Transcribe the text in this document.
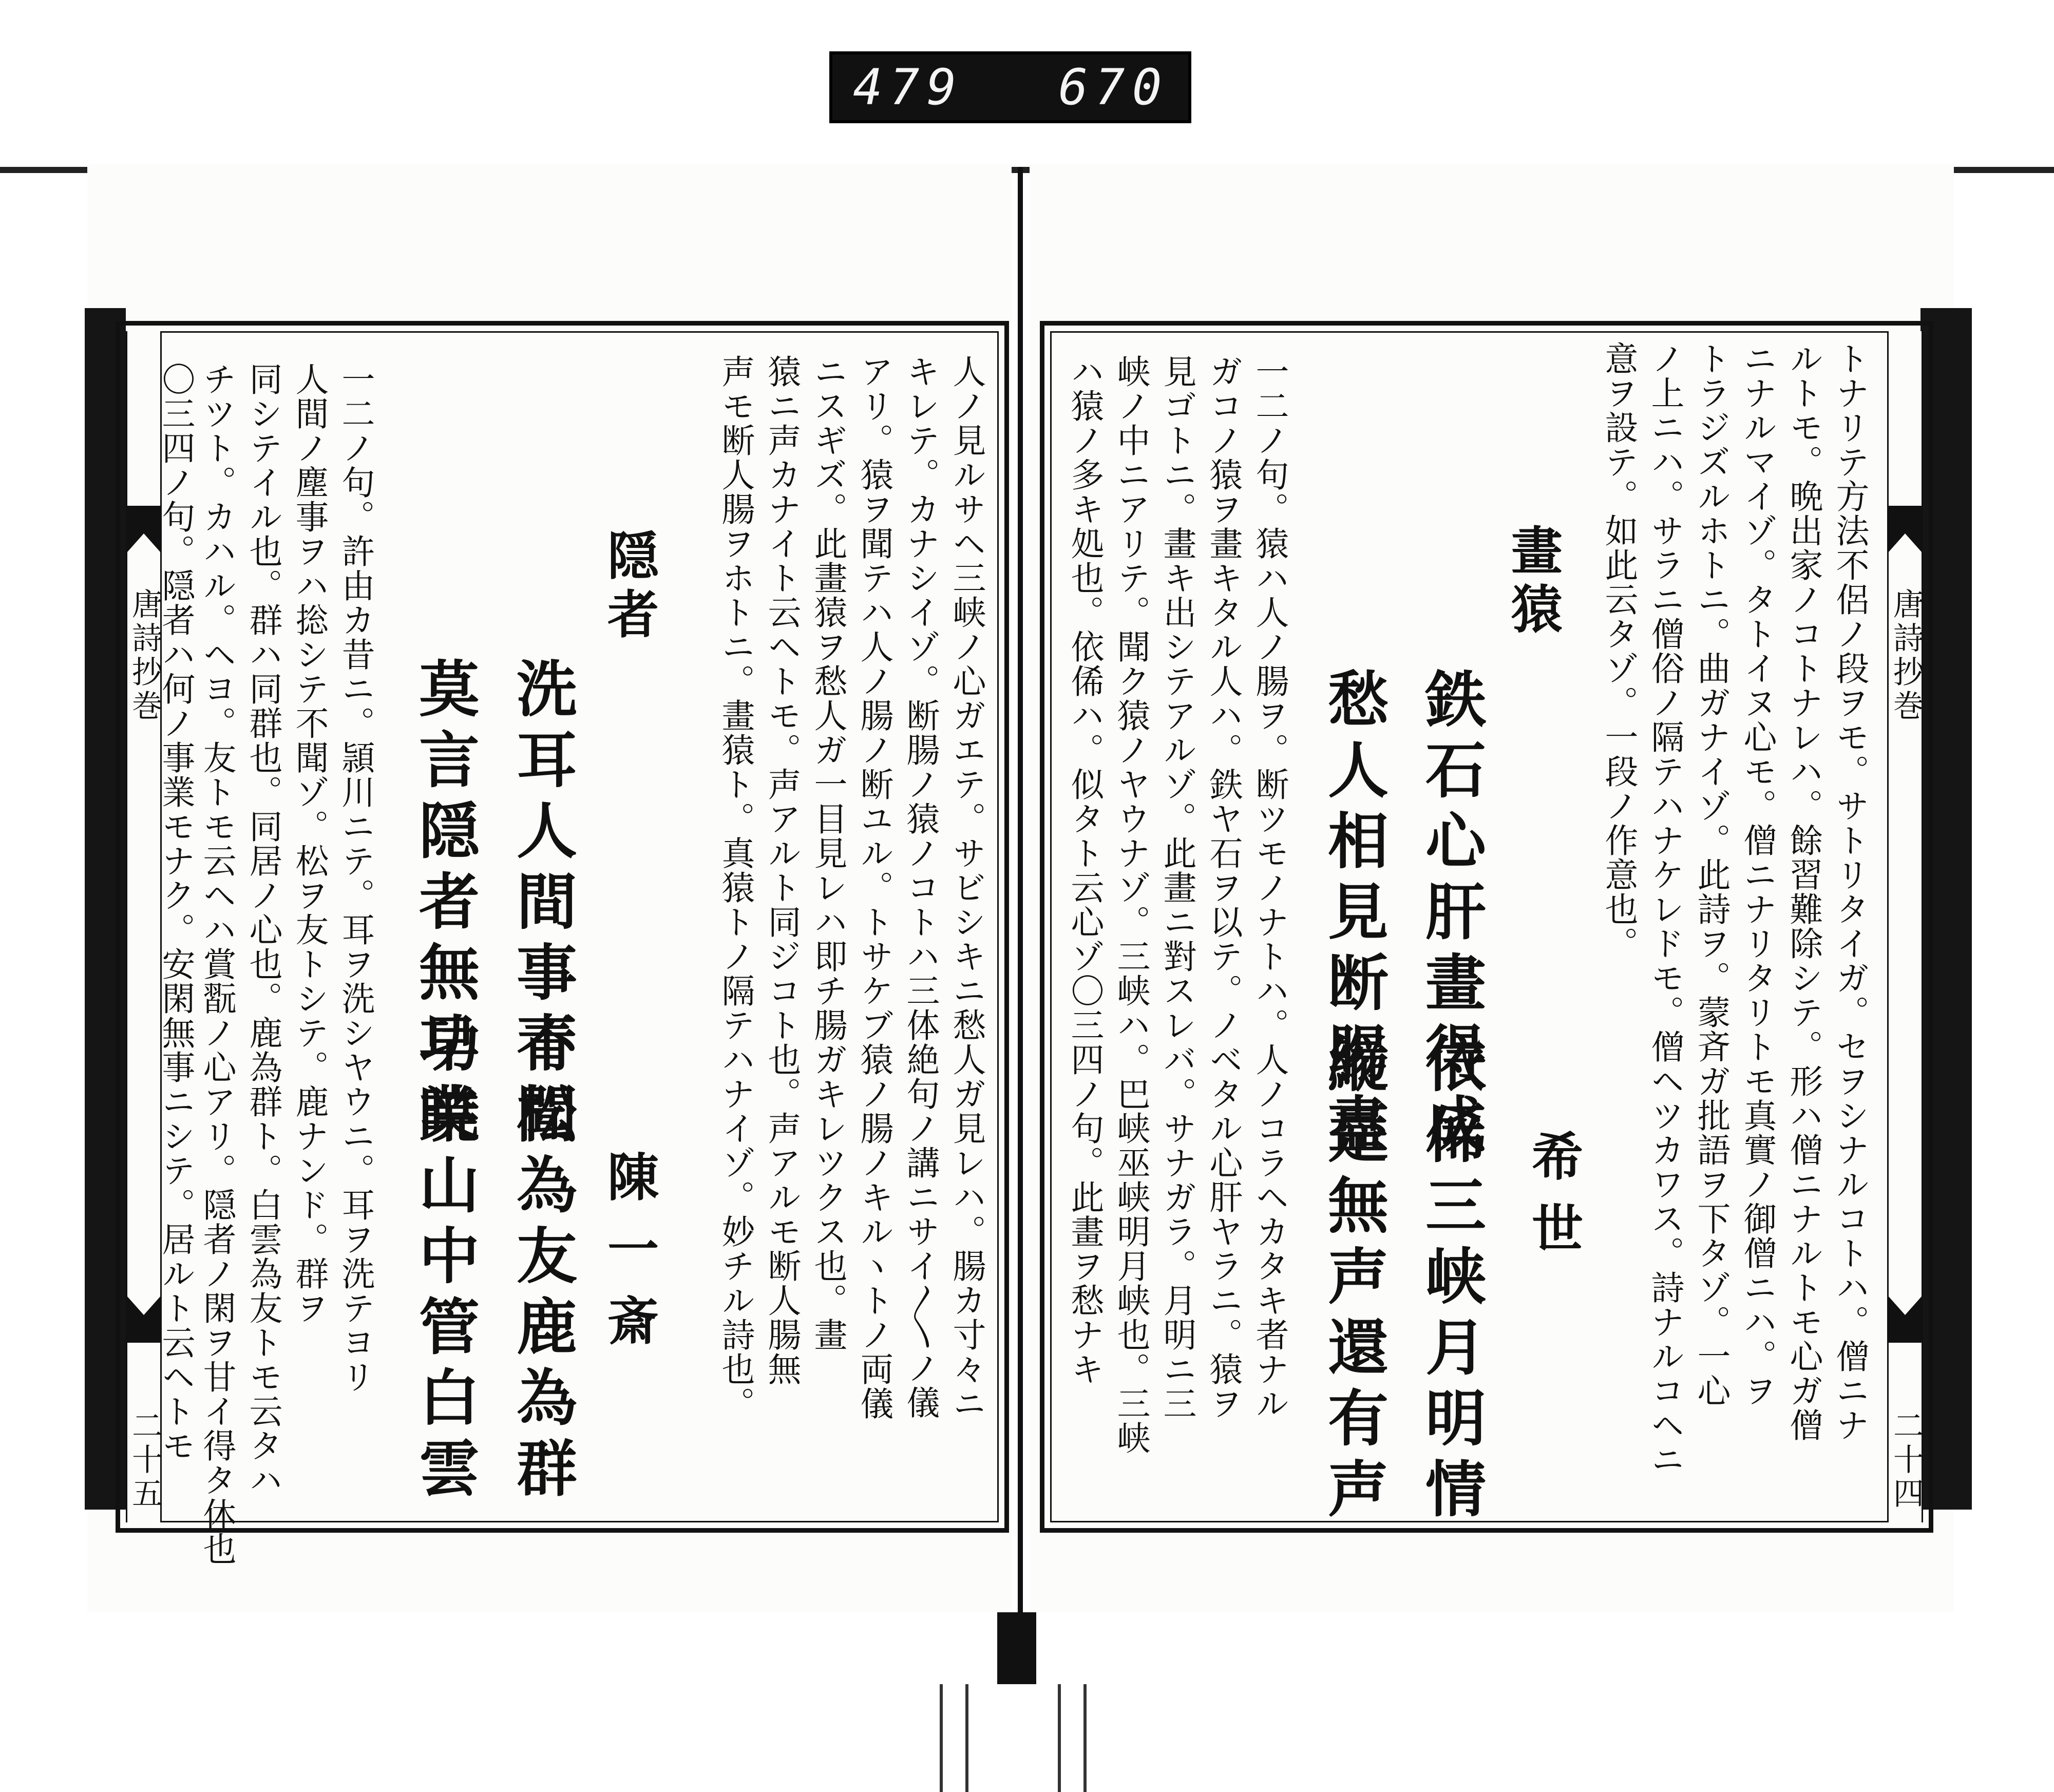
479 670
唐詩抄巻
二十五
唐詩抄巻
二十四
トナリテ方法不侶ノ段ヲモ。サトリタイガ。セヲシナルコトハ。僧ニナ
ルトモ。晩出家ノコトナレハ。餘習難除シテ。形ハ僧ニナルトモ心ガ僧
ニナルマイゾ。タトイヌ心モ。僧ニナリタリトモ真實ノ御僧ニハ。ヲ
トラジズルホトニ。曲ガナイゾ。此詩ヲ。蒙斉ガ批語ヲ下タゾ。一心
ノ上ニハ。サラニ僧俗ノ隔テハナケレドモ。僧ヘツカワス。詩ナルコヘニ
意ヲ設テ。如此云タゾ。一段ノ作意也。
畫猿
希世
鉄石心肝畫得成
依俙三峡月明情
愁人相見断腸盡
縦是無声還有声
一二ノ句。猿ハ人ノ腸ヲ。断ツモノナトハ。人ノコラヘカタキ者ナル
ガコノ猿ヲ畫キタル人ハ。鉄ヤ石ヲ以テ。ノベタル心肝ヤラニ。猿ヲ
見ゴトニ。畫キ出シテアルゾ。此畫ニ對スレバ。サナガラ。月明ニ三
峡ノ中ニアリテ。聞ク猿ノヤウナゾ。三峡ハ。巴峡巫峡明月峡也。三峡
ハ猿ノ多キ処也。依俙ハ。似タト云心ゾ〇三四ノ句。此畫ヲ愁ナキ
人ノ見ルサヘ三峡ノ心ガエテ。サビシキニ愁人ガ見レハ。腸カ寸々ニ
キレテ。カナシイゾ。断腸ノ猿ノコトハ三体絶句ノ講ニサイ〳〵ノ儀
アリ。猿ヲ聞テハ人ノ腸ノ断ユル。トサケブ猿ノ腸ノキルヽトノ両儀
ニスギズ。此畫猿ヲ愁人ガ一目見レハ即チ腸ガキレツクス也。畫
猿ニ声カナイト云ヘトモ。声アルト同ジコト也。声アルモ断人腸無
声モ断人腸ヲホトニ。畫猿ト。真猿トノ隔テハナイゾ。妙チル詩也。
隠者
陳一斎
洗耳人間事不聞
青松為友鹿為群
莫言隠者無功業
早暁山中管白雲
一二ノ句。許由カ昔ニ。頴川ニテ。耳ヲ洗シヤウニ。耳ヲ洗テヨリ
人間ノ塵事ヲハ捴シテ不聞ゾ。松ヲ友トシテ。鹿ナンド。群ヲ
同シテイル也。群ハ同群也。同居ノ心也。鹿為群ト。白雲為友トモ云タハ
チツト。カハル。ヘヨ。友トモ云ヘハ賞翫ノ心アリ。隠者ノ閑ヲ甘イ得タ休也
〇三四ノ句。隠者ハ何ノ事業モナク。安閑無事ニシテ。居ルト云ヘトモ
